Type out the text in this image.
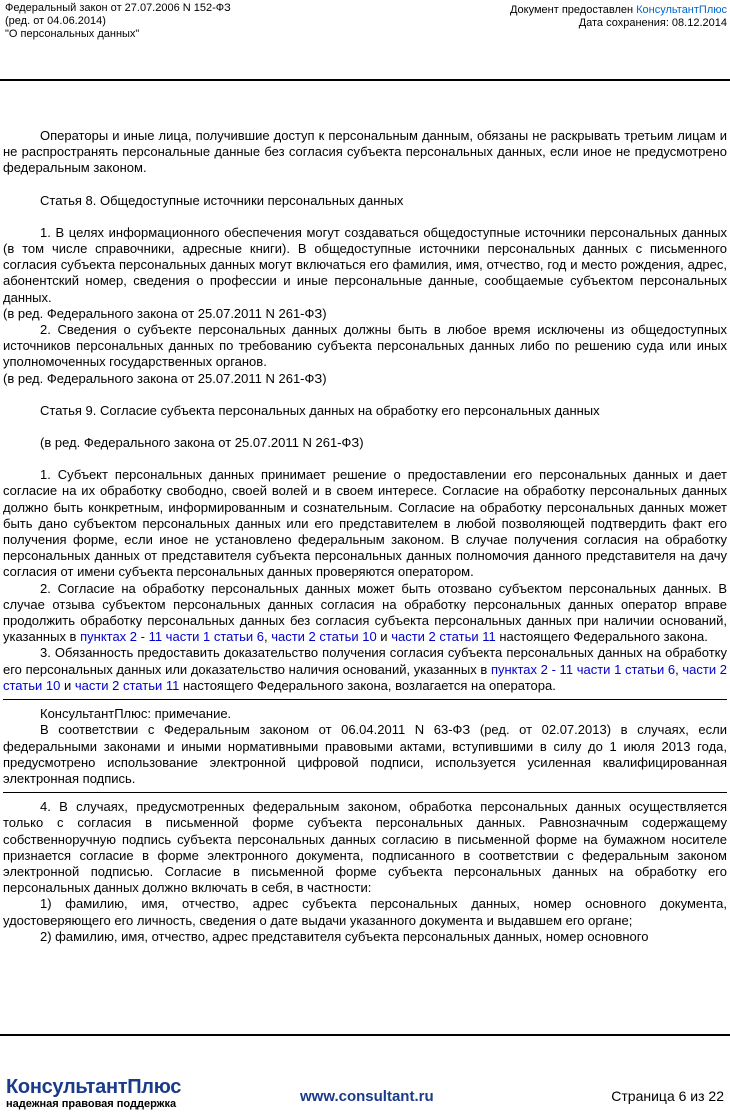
Федеральный закон от 27.07.2006 N 152-ФЗ
(ред. от 04.06.2014)
"О персональных данных"
Документ предоставлен КонсультантПлюс
Дата сохранения: 08.12.2014

Операторы и иные лица, получившие доступ к персональным данным, обязаны не раскрывать третьим лицам и не распространять персональные данные без согласия субъекта персональных данных, если иное не предусмотрено федеральным законом.

Статья 8. Общедоступные источники персональных данных

1. В целях информационного обеспечения могут создаваться общедоступные источники персональных данных (в том числе справочники, адресные книги). В общедоступные источники персональных данных с письменного согласия субъекта персональных данных могут включаться его фамилия, имя, отчество, год и место рождения, адрес, абонентский номер, сведения о профессии и иные персональные данные, сообщаемые субъектом персональных данных.

(в ред. Федерального закона от 25.07.2011 N 261-ФЗ)

2. Сведения о субъекте персональных данных должны быть в любое время исключены из общедоступных источников персональных данных по требованию субъекта персональных данных либо по решению суда или иных уполномоченных государственных органов.

(в ред. Федерального закона от 25.07.2011 N 261-ФЗ)

Статья 9. Согласие субъекта персональных данных на обработку его персональных данных

(в ред. Федерального закона от 25.07.2011 N 261-ФЗ)

1. Субъект персональных данных принимает решение о предоставлении его персональных данных и дает согласие на их обработку свободно, своей волей и в своем интересе. Согласие на обработку персональных данных должно быть конкретным, информированным и сознательным. Согласие на обработку персональных данных может быть дано субъектом персональных данных или его представителем в любой позволяющей подтвердить факт его получения форме, если иное не установлено федеральным законом. В случае получения согласия на обработку персональных данных от представителя субъекта персональных данных полномочия данного представителя на дачу согласия от имени субъекта персональных данных проверяются оператором.

2. Согласие на обработку персональных данных может быть отозвано субъектом персональных данных. В случае отзыва субъектом персональных данных согласия на обработку персональных данных оператор вправе продолжить обработку персональных данных без согласия субъекта персональных данных при наличии оснований, указанных в пунктах 2 - 11 части 1 статьи 6, части 2 статьи 10 и части 2 статьи 11 настоящего Федерального закона.

3. Обязанность предоставить доказательство получения согласия субъекта персональных данных на обработку его персональных данных или доказательство наличия оснований, указанных в пунктах 2 - 11 части 1 статьи 6, части 2 статьи 10 и части 2 статьи 11 настоящего Федерального закона, возлагается на оператора.

КонсультантПлюс: примечание.

В соответствии с Федеральным законом от 06.04.2011 N 63-ФЗ (ред. от 02.07.2013) в случаях, если федеральными законами и иными нормативными правовыми актами, вступившими в силу до 1 июля 2013 года, предусмотрено использование электронной цифровой подписи, используется усиленная квалифицированная электронная подпись.

4. В случаях, предусмотренных федеральным законом, обработка персональных данных осуществляется только с согласия в письменной форме субъекта персональных данных. Равнозначным содержащему собственноручную подпись субъекта персональных данных согласию в письменной форме на бумажном носителе признается согласие в форме электронного документа, подписанного в соответствии с федеральным законом электронной подписью. Согласие в письменной форме субъекта персональных данных на обработку его персональных данных должно включать в себя, в частности:

1) фамилию, имя, отчество, адрес субъекта персональных данных, номер основного документа, удостоверяющего его личность, сведения о дате выдачи указанного документа и выдавшем его органе;

2) фамилию, имя, отчество, адрес представителя субъекта персональных данных, номер основного

КонсультантПлюс
надежная правовая поддержка	www.consultant.ru	Страница 6 из 22
